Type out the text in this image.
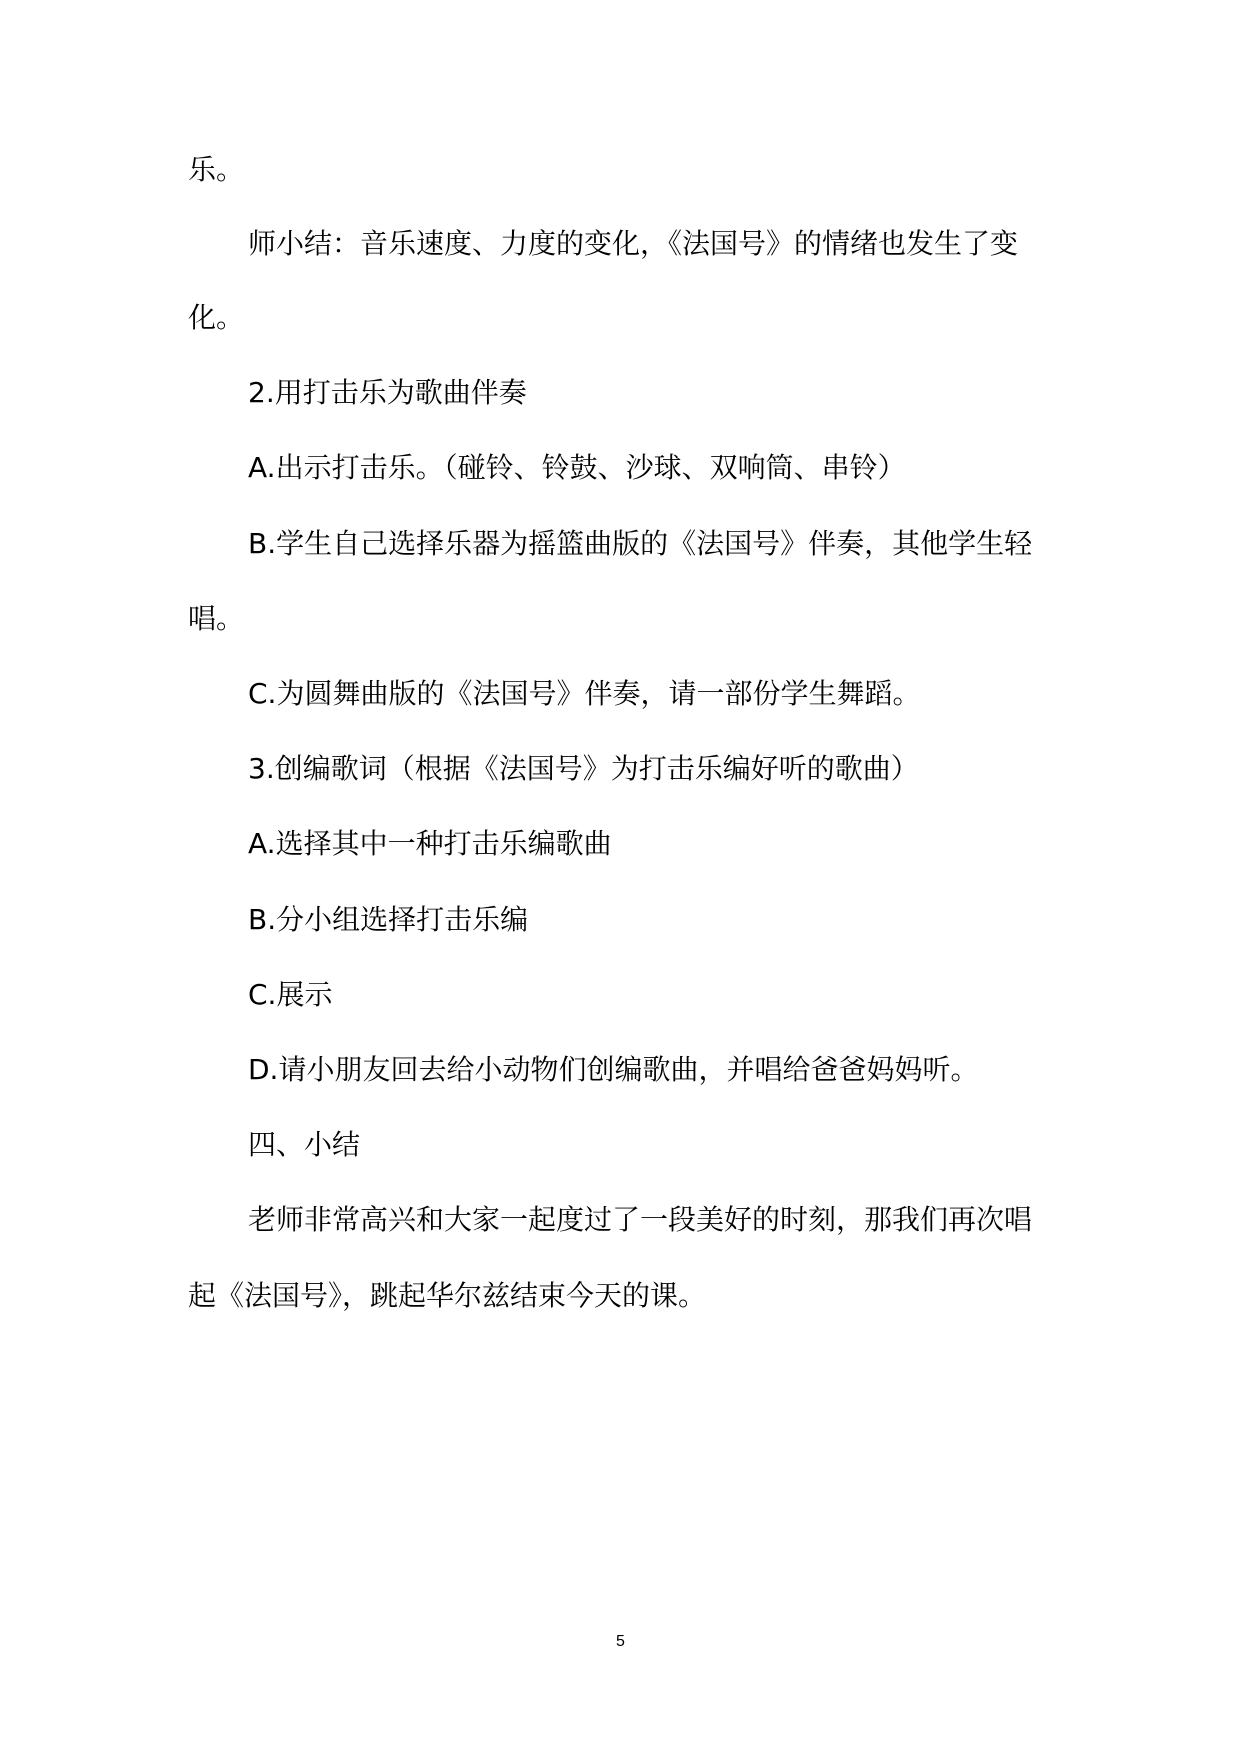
乐。
师小结：音乐速度、力度的变化，《法国号》的情绪也发生了变
化。
2.用打击乐为歌曲伴奏
A.出示打击乐。（碰铃、铃鼓、沙球、双响筒、串铃）
B.学生自己选择乐器为摇篮曲版的《法国号》伴奏，其他学生轻
唱。
C.为圆舞曲版的《法国号》伴奏，请一部份学生舞蹈。
3.创编歌词（根据《法国号》为打击乐编好听的歌曲）
A.选择其中一种打击乐编歌曲
B.分小组选择打击乐编
C.展示
D.请小朋友回去给小动物们创编歌曲，并唱给爸爸妈妈听。
四、小结
老师非常高兴和大家一起度过了一段美好的时刻，那我们再次唱
起《法国号》，跳起华尔兹结束今天的课。
5
